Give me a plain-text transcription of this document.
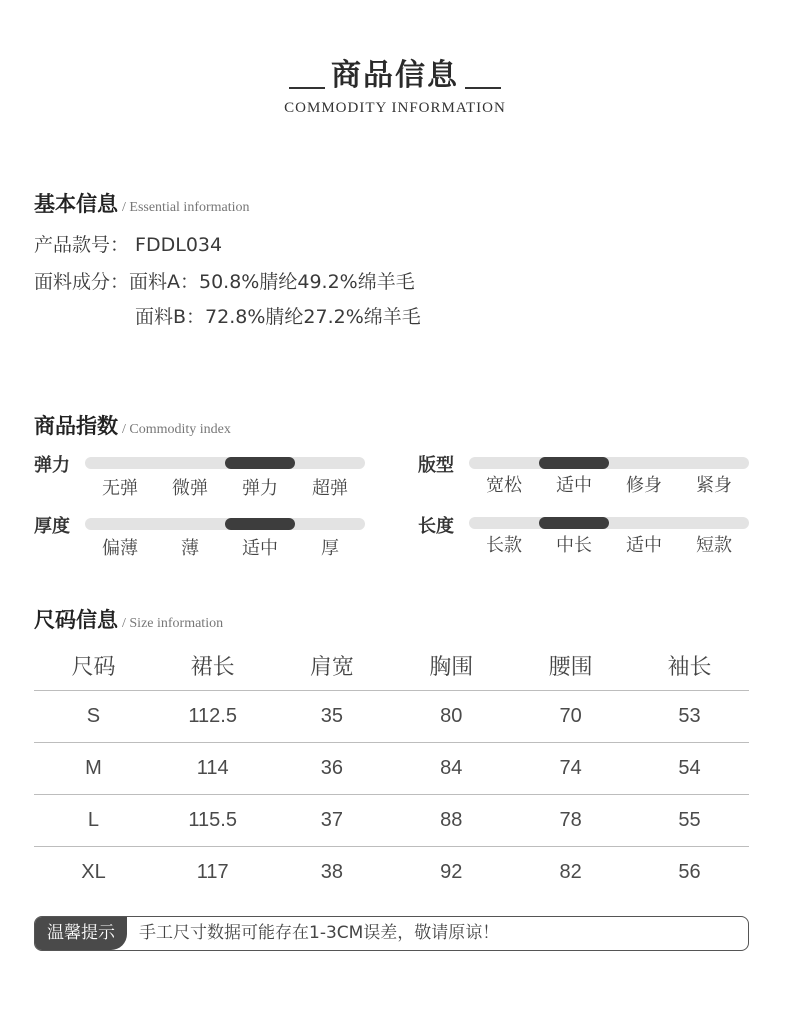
商品信息
COMMODITY INFORMATION
基本信息 / Essential information
产品款号： FDDL034
面料成分：面料A：50.8%腈纶49.2%绵羊毛
面料B：72.8%腈纶27.2%绵羊毛
商品指数 / Commodity index
弹力
无弹	微弹	弹力	超弹
版型
宽松	适中	修身	紧身
厚度
偏薄	薄	适中	厚
长度
长款	中长	适中	短款
尺码信息 / Size information
尺码	裙长	肩宽	胸围	腰围	袖长
S	112.5	35	80	70	53
M	114	36	84	74	54
L	115.5	37	88	78	55
XL	117	38	92	82	56
温馨提示	手工尺寸数据可能存在1-3CM误差，敬请原谅！
